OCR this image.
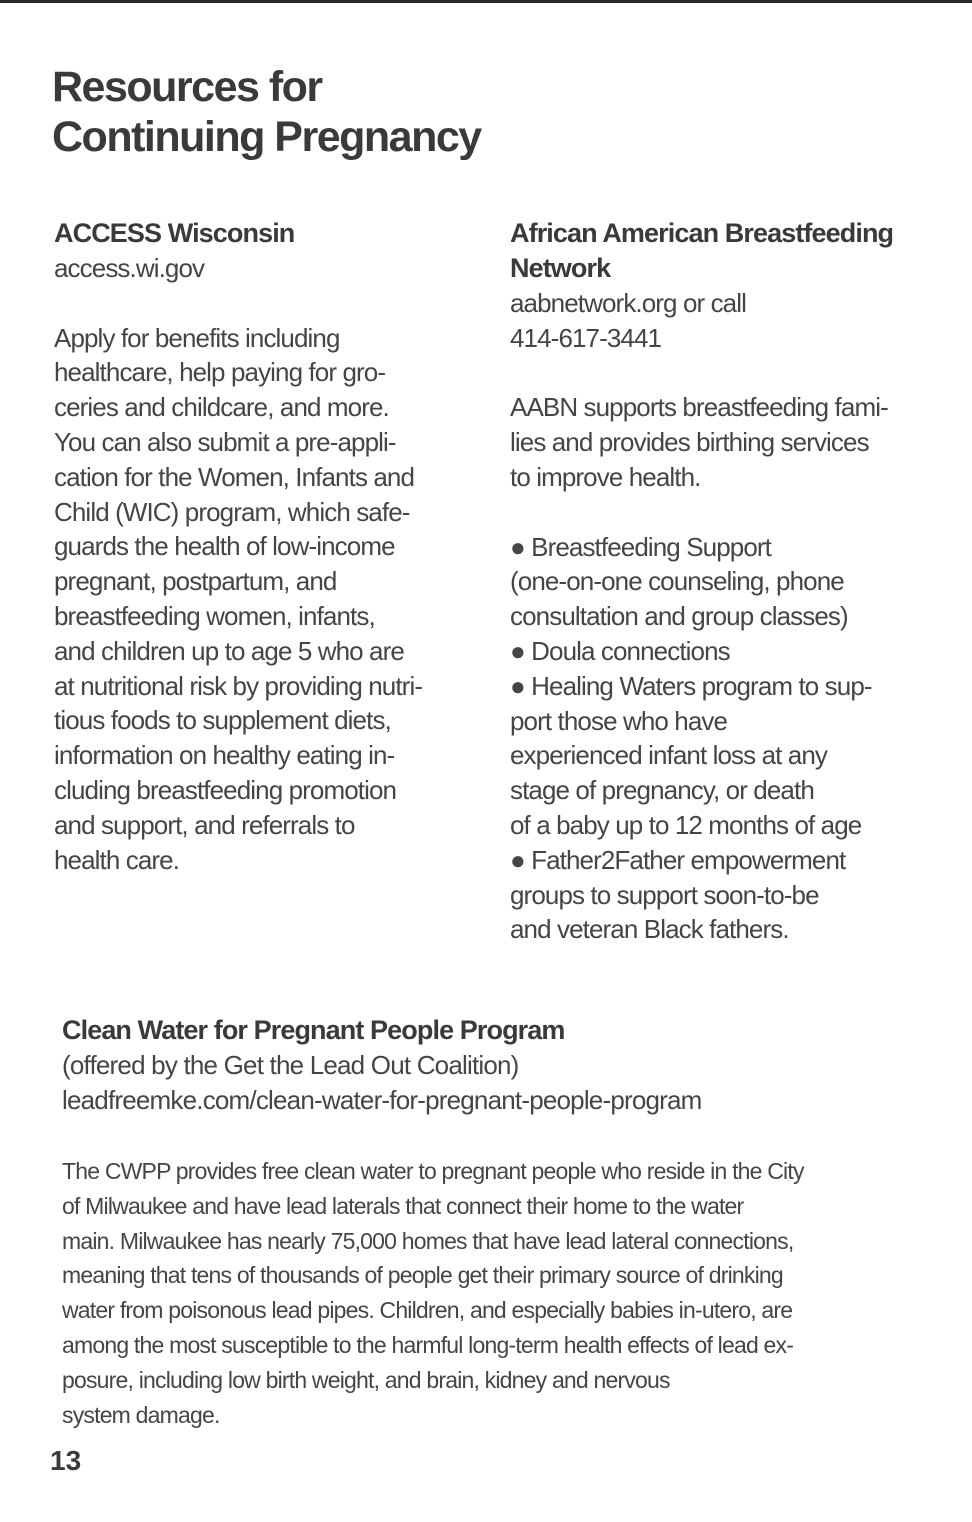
Resources for
Continuing Pregnancy
ACCESS Wisconsin
access.wi.gov
Apply for benefits including
healthcare, help paying for gro-
ceries and childcare, and more.
You can also submit a pre-appli-
cation for the Women, Infants and
Child (WIC) program, which safe-
guards the health of low-income
pregnant, postpartum, and
breastfeeding women, infants,
and children up to age 5 who are
at nutritional risk by providing nutri-
tious foods to supplement diets,
information on healthy eating in-
cluding breastfeeding promotion
and support, and referrals to
health care.
African American Breastfeeding
Network
aabnetwork.org or call
414-617-3441
AABN supports breastfeeding fami-
lies and provides birthing services
to improve health.
● Breastfeeding Support
(one-on-one counseling, phone
consultation and group classes)
● Doula connections
● Healing Waters program to sup-
port those who have
experienced infant loss at any
stage of pregnancy, or death
of a baby up to 12 months of age
● Father2Father empowerment
groups to support soon-to-be
and veteran Black fathers.
Clean Water for Pregnant People Program

(offered by the Get the Lead Out Coalition)

leadfreemke.com/clean-water-for-pregnant-people-program

The CWPP provides free clean water to pregnant people who reside in the City
of Milwaukee and have lead laterals that connect their home to the water
main. Milwaukee has nearly 75,000 homes that have lead lateral connections,
meaning that tens of thousands of people get their primary source of drinking
water from poisonous lead pipes. Children, and especially babies in-utero, are
among the most susceptible to the harmful long-term health effects of lead ex-
posure, including low birth weight, and brain, kidney and nervous
system damage.
13
